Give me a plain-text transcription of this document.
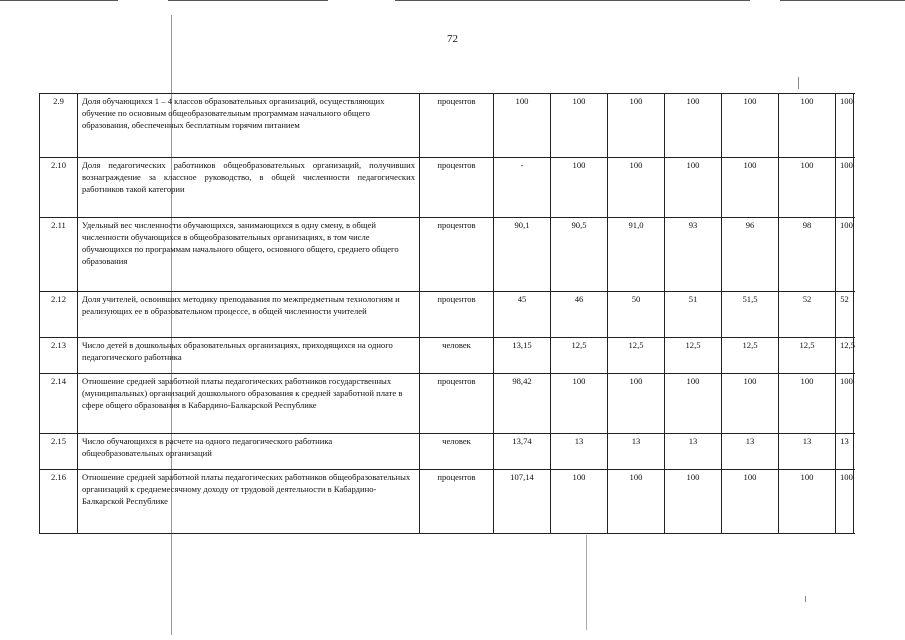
72
2.9	Доля обучающихся 1 – 4 классов образовательных организаций, осуществляющих обучение по основным общеобразовательным программам начального общего образования, обеспеченных бесплатным горячим питанием	процентов	100	100	100	100	100	100	100
2.10	Доля педагогических работников общеобразовательных организаций, получивших вознаграждение за классное руководство, в общей численности педагогических работников такой категории	процентов	-	100	100	100	100	100	100
2.11	Удельный вес численности обучающихся, занимающихся в одну смену, в общей численности обучающихся в общеобразовательных организациях, в том числе обучающихся по программам начального общего, основного общего, среднего общего образования	процентов	90,1	90,5	91,0	93	96	98	100
2.12	Доля учителей, освоивших методику преподавания по межпредметным технологиям и реализующих ее в образовательном процессе, в общей численности учителей	процентов	45	46	50	51	51,5	52	52
2.13	Число детей в дошкольных образовательных организациях, приходящихся на одного педагогического работника	человек	13,15	12,5	12,5	12,5	12,5	12,5	12,5
2.14	Отношение средней заработной платы педагогических работников государственных (муниципальных) организаций дошкольного образования к средней заработной плате в сфере общего образования в Кабардино-Балкарской Республике	процентов	98,42	100	100	100	100	100	100
2.15	Число обучающихся в расчете на одного педагогического работника общеобразовательных организаций	человек	13,74	13	13	13	13	13	13
2.16	Отношение средней заработной платы педагогических работников общеобразовательных организаций к среднемесячному доходу от трудовой деятельности в Кабардино-Балкарской Республике	процентов	107,14	100	100	100	100	100	100
